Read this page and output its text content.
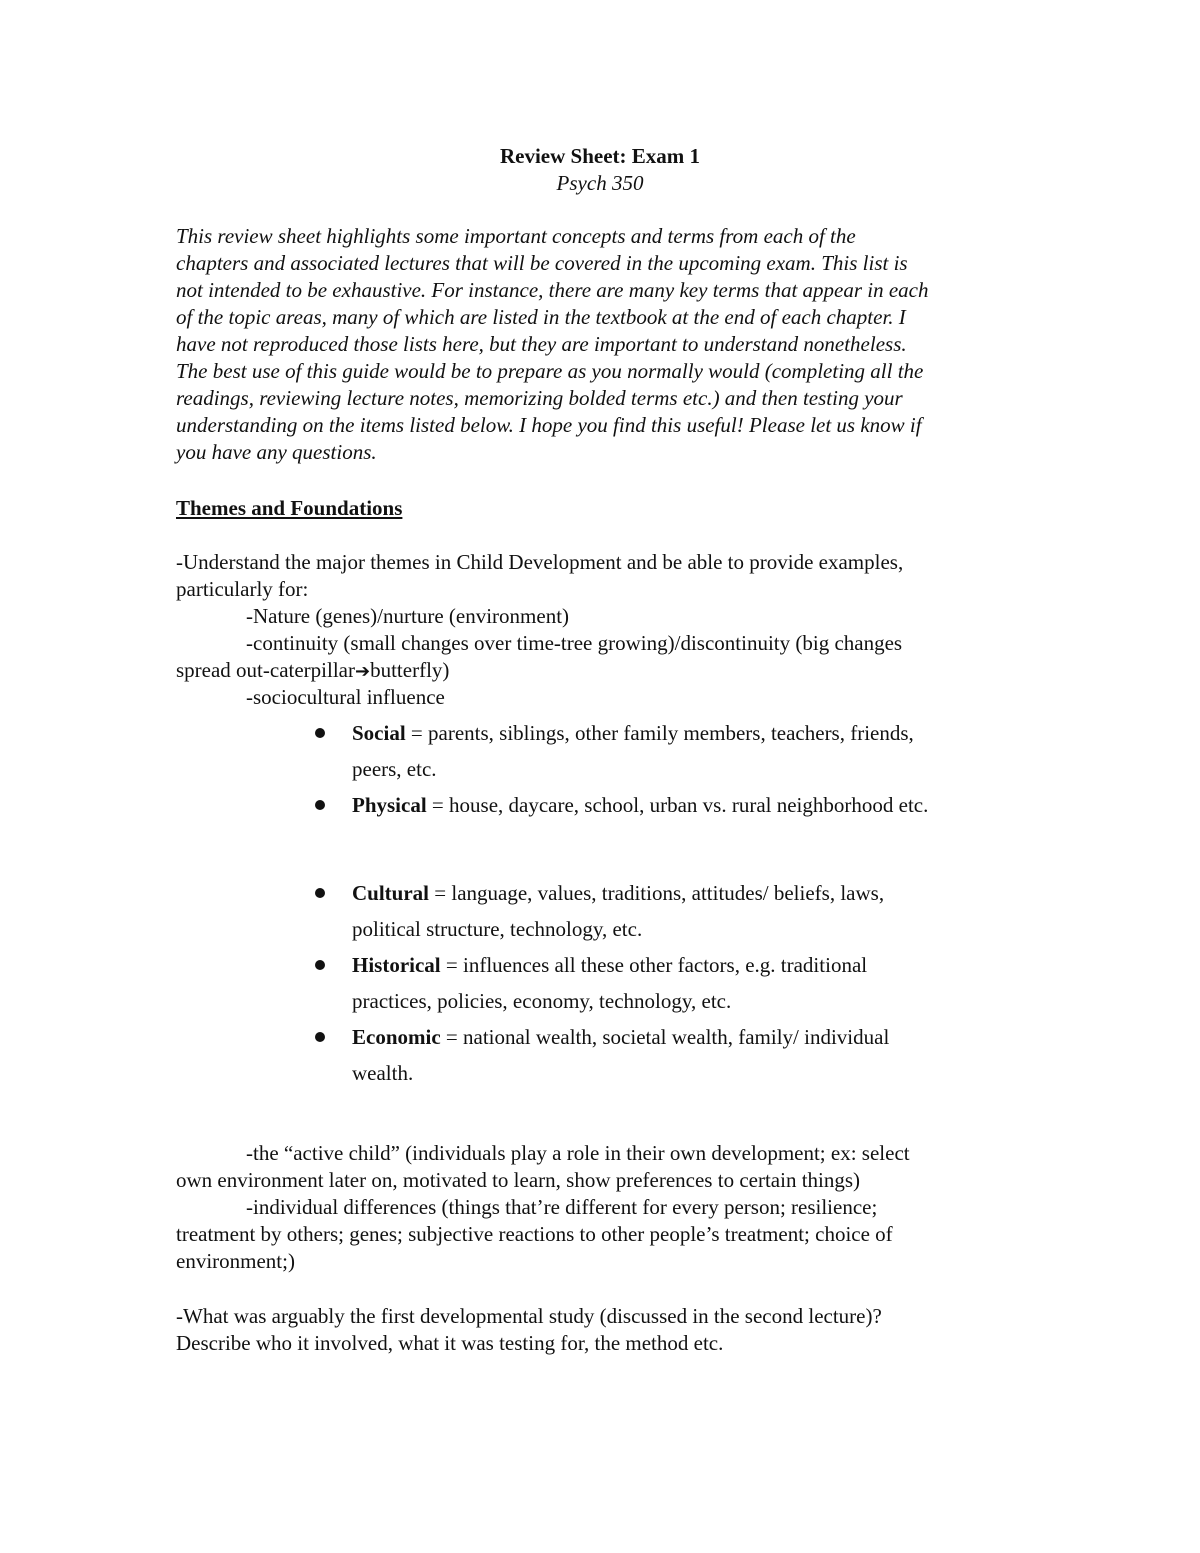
Review Sheet: Exam 1
Psych 350
This review sheet highlights some important concepts and terms from each of the
chapters and associated lectures that will be covered in the upcoming exam. This list is
not intended to be exhaustive. For instance, there are many key terms that appear in each
of the topic areas, many of which are listed in the textbook at the end of each chapter. I
have not reproduced those lists here, but they are important to understand nonetheless.
The best use of this guide would be to prepare as you normally would (completing all the
readings, reviewing lecture notes, memorizing bolded terms etc.) and then testing your
understanding on the items listed below. I hope you find this useful! Please let us know if
you have any questions.
Themes and Foundations
-Understand the major themes in Child Development and be able to provide examples,
particularly for:
-Nature (genes)/nurture (environment)
-continuity (small changes over time-tree growing)/discontinuity (big changes
spread out-caterpillar➔butterfly)
-sociocultural influence
Social = parents, siblings, other family members, teachers, friends,
peers, etc.
Physical = house, daycare, school, urban vs. rural neighborhood etc.
Cultural = language, values, traditions, attitudes/ beliefs, laws,
political structure, technology, etc.
Historical = influences all these other factors, e.g. traditional
practices, policies, economy, technology, etc.
Economic = national wealth, societal wealth, family/ individual
wealth.
-the “active child” (individuals play a role in their own development; ex: select
own environment later on, motivated to learn, show preferences to certain things)
-individual differences (things that’re different for every person; resilience;
treatment by others; genes; subjective reactions to other people’s treatment; choice of
environment;)
-What was arguably the first developmental study (discussed in the second lecture)?
Describe who it involved, what it was testing for, the method etc.
